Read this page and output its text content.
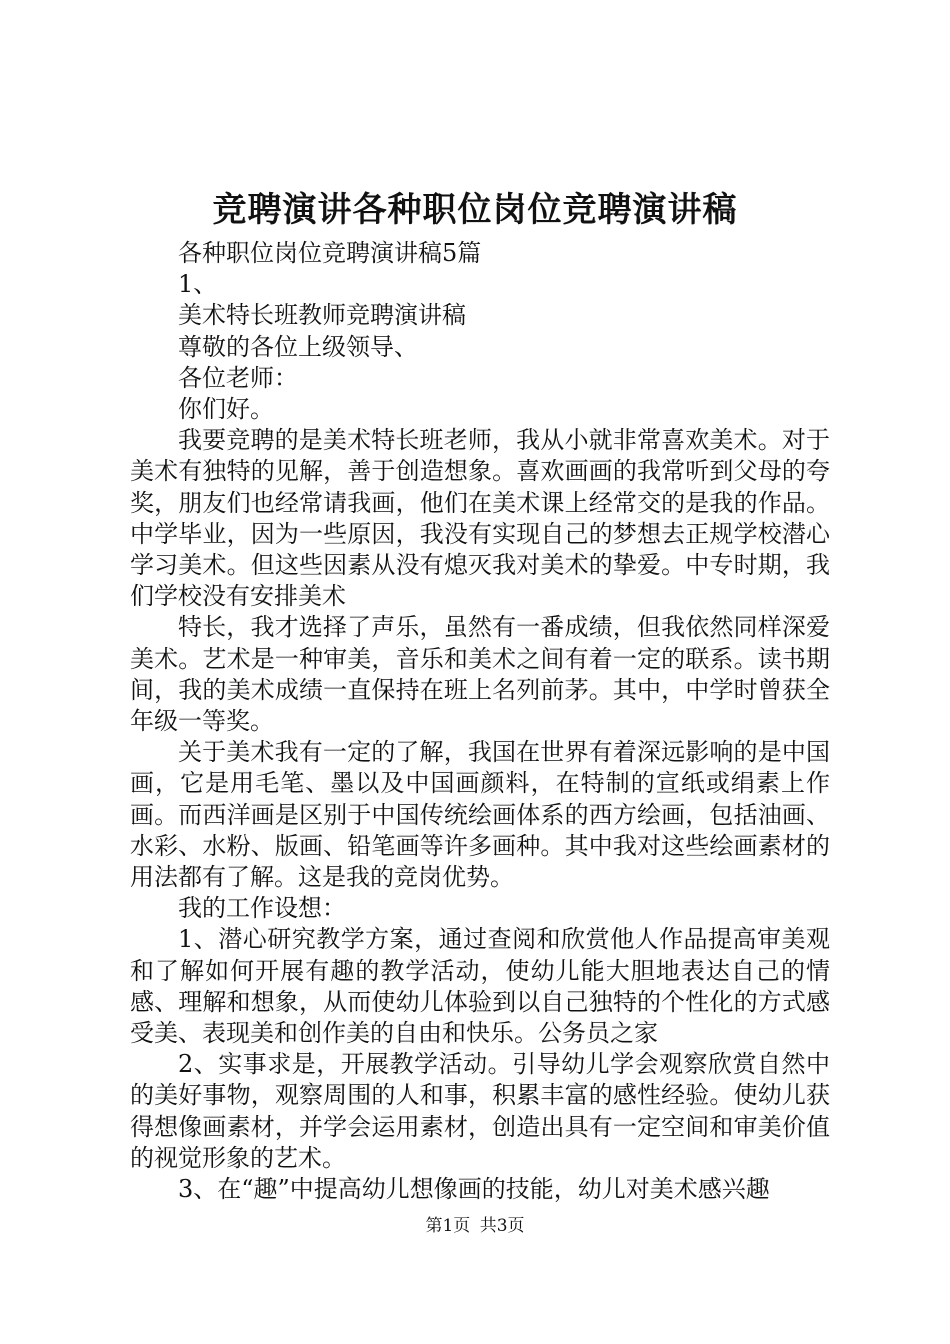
竞聘演讲各种职位岗位竞聘演讲稿

各种职位岗位竞聘演讲稿5篇

1、

美术特长班教师竞聘演讲稿

尊敬的各位上级领导、

各位老师：

你们好。

我要竞聘的是美术特长班老师，我从小就非常喜欢美术。对于美术有独特的见解，善于创造想象。喜欢画画的我常听到父母的夸奖，朋友们也经常请我画，他们在美术课上经常交的是我的作品。中学毕业，因为一些原因，我没有实现自己的梦想去正规学校潜心学习美术。但这些因素从没有熄灭我对美术的挚爱。中专时期，我们学校没有安排美术

特长，我才选择了声乐，虽然有一番成绩，但我依然同样深爱美术。艺术是一种审美，音乐和美术之间有着一定的联系。读书期间，我的美术成绩一直保持在班上名列前茅。其中，中学时曾获全年级一等奖。

关于美术我有一定的了解，我国在世界有着深远影响的是中国画，它是用毛笔、墨以及中国画颜料，在特制的宣纸或绢素上作画。而西洋画是区别于中国传统绘画体系的西方绘画，包括油画、水彩、水粉、版画、铅笔画等许多画种。其中我对这些绘画素材的用法都有了解。这是我的竞岗优势。

我的工作设想：

1、潜心研究教学方案，通过查阅和欣赏他人作品提高审美观和了解如何开展有趣的教学活动，使幼儿能大胆地表达自己的情感、理解和想象，从而使幼儿体验到以自己独特的个性化的方式感受美、表现美和创作美的自由和快乐。公务员之家

2、实事求是，开展教学活动。引导幼儿学会观察欣赏自然中的美好事物，观察周围的人和事，积累丰富的感性经验。使幼儿获得想像画素材，并学会运用素材，创造出具有一定空间和审美价值的视觉形象的艺术。

3、在“趣”中提高幼儿想像画的技能，幼儿对美术感兴趣

第1页 共3页
